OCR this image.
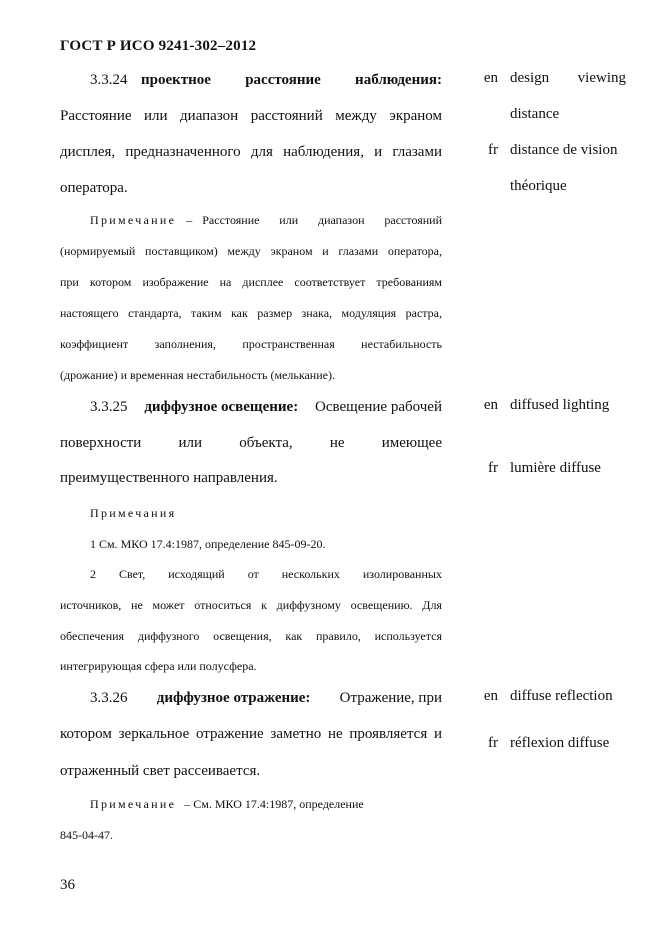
ГОСТ Р ИСО 9241-302–2012
3.3.24 проектное расстояние наблюдения:
Расстояние или диапазон расстояний между экраном
дисплея, предназначенного для наблюдения, и глазами
оператора.
Примечание – Расстояние или диапазон расстояний
(нормируемый поставщиком) между экраном и глазами оператора,
при котором изображение на дисплее соответствует требованиям
настоящего стандарта, таким как размер знака, модуляция растра,
коэффициент заполнения, пространственная нестабильность
(дрожание) и временная нестабильность (мелькание).
en design viewing
distance
fr distance de vision
théorique
3.3.25 диффузное освещение: Освещение рабочей
поверхности или объекта, не имеющее
преимущественного направления.
Примечания
1 См. МКО 17.4:1987, определение 845-09-20.
2 Свет, исходящий от нескольких изолированных
источников, не может относиться к диффузному освещению. Для
обеспечения диффузного освещения, как правило, используется
интегрирующая сфера или полусфера.
en diffused lighting
fr lumière diffuse
3.3.26 диффузное отражение: Отражение, при
котором зеркальное отражение заметно не проявляется и
отраженный свет рассеивается.
Примечание – См. МКО 17.4:1987, определение
845-04-47.
en diffuse reflection
fr réflexion diffuse
36
